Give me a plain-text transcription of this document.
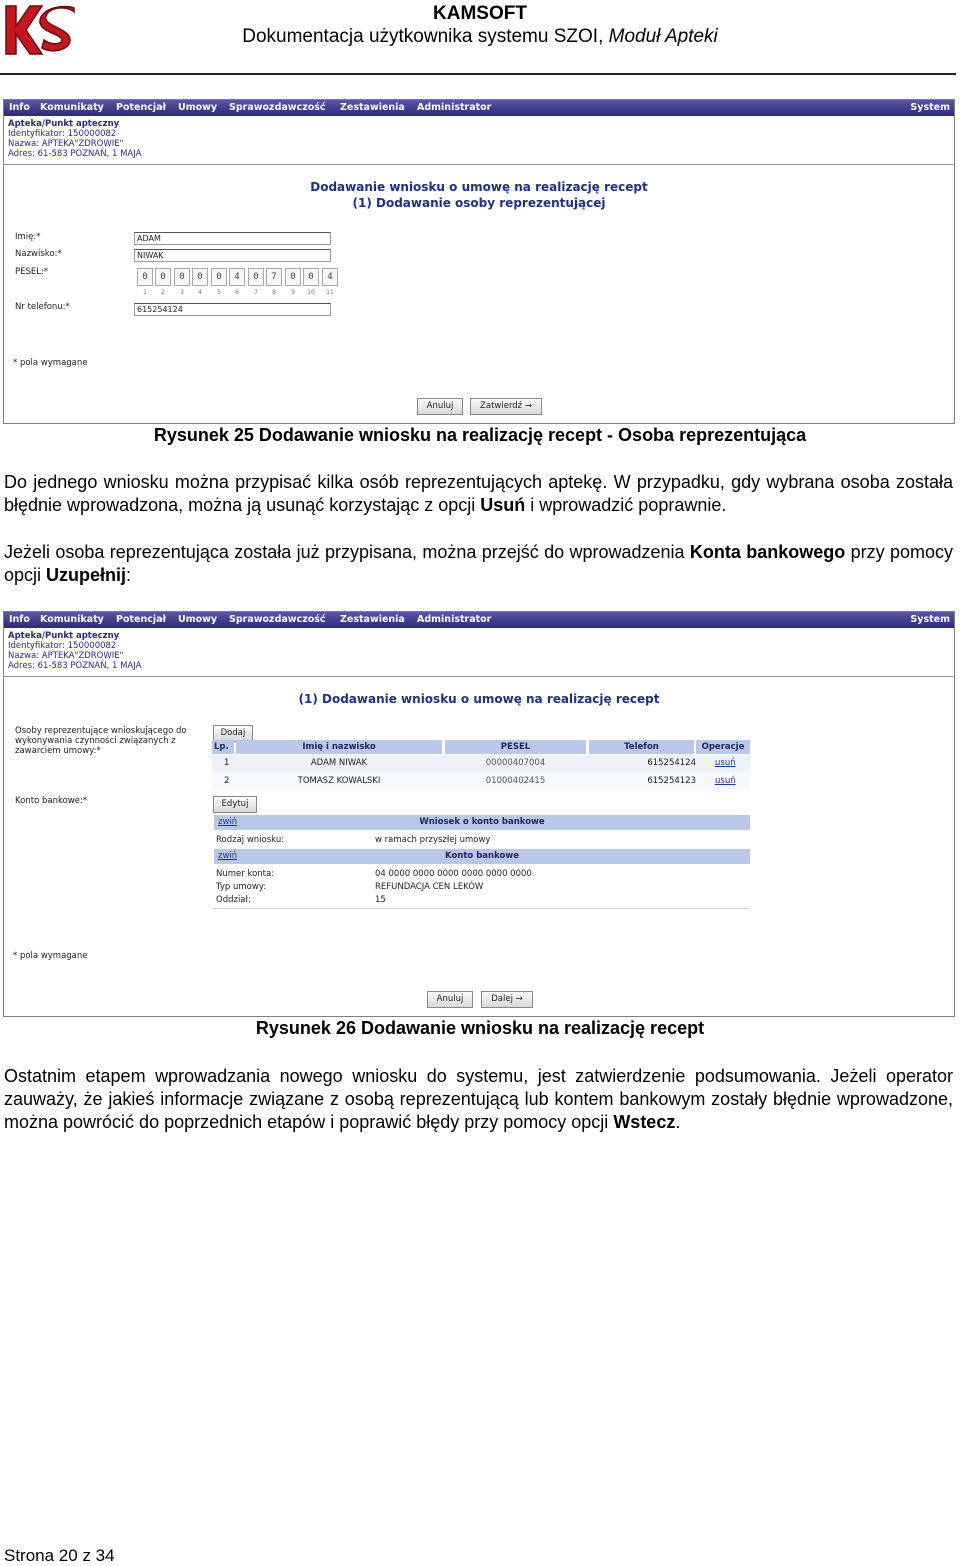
KAMSOFT
Dokumentacja użytkownika systemu SZOI, Moduł Apteki
Info Komunikaty Potencjał Umowy Sprawozdawczość Zestawienia Administrator	System
Apteka/Punkt apteczny
Identyfikator: 150000082
Nazwa: APTEKA"ZDROWIE"
Adres: 61-583 POZNAŃ, 1 MAJA
Dodawanie wniosku o umowę na realizację recept
(1) Dodawanie osoby reprezentującej
Imię:*	ADAM
Nazwisko:*	NIWAK
PESEL:*	0	0	0	0	0	4	0	7	0	0	4
1	2	3	4	5	6	7	8	9	10	11
Nr telefonu:*	615254124
* pola wymagane
Anuluj	Zatwierdź →
Rysunek 25 Dodawanie wniosku na realizację recept - Osoba reprezentująca
Do jednego wniosku można przypisać kilka osób reprezentujących aptekę. W przypadku, gdy wybrana osoba została błędnie wprowadzona, można ją usunąć korzystając z opcji Usuń i wprowadzić poprawnie.
Jeżeli osoba reprezentująca została już przypisana, można przejść do wprowadzenia Konta bankowego przy pomocy opcji Uzupełnij:
Info Komunikaty Potencjał Umowy Sprawozdawczość Zestawienia Administrator	System
Apteka/Punkt apteczny
Identyfikator: 150000082
Nazwa: APTEKA"ZDROWIE"
Adres: 61-583 POZNAŃ, 1 MAJA
(1) Dodawanie wniosku o umowę na realizację recept
Osoby reprezentujące wnioskującego do
wykonywania czynności związanych z
zawarciem umowy:*
Dodaj
Lp.	Imię i nazwisko	PESEL	Telefon	Operacje
1	ADAM NIWAK	00000407004	615254124 usuń
2	TOMASZ KOWALSKI	01000402415	615254123 usuń
Konto bankowe:*	Edytuj
zwiń	Wniosek o konto bankowe
Rodzaj wniosku:	w ramach przyszłej umowy
zwiń	Konto bankowe
Numer konta:	04 0000 0000 0000 0000 0000 0000
Typ umowy:	REFUNDACJA CEN LEKÓW
Oddział:	15
* pola wymagane
Anuluj	Dalej →
Rysunek 26 Dodawanie wniosku na realizację recept
Ostatnim etapem wprowadzania nowego wniosku do systemu, jest zatwierdzenie podsumowania. Jeżeli operator zauważy, że jakieś informacje związane z osobą reprezentującą lub kontem bankowym zostały błędnie wprowadzone, można powrócić do poprzednich etapów i poprawić błędy przy pomocy opcji Wstecz.
Strona 20 z 34
